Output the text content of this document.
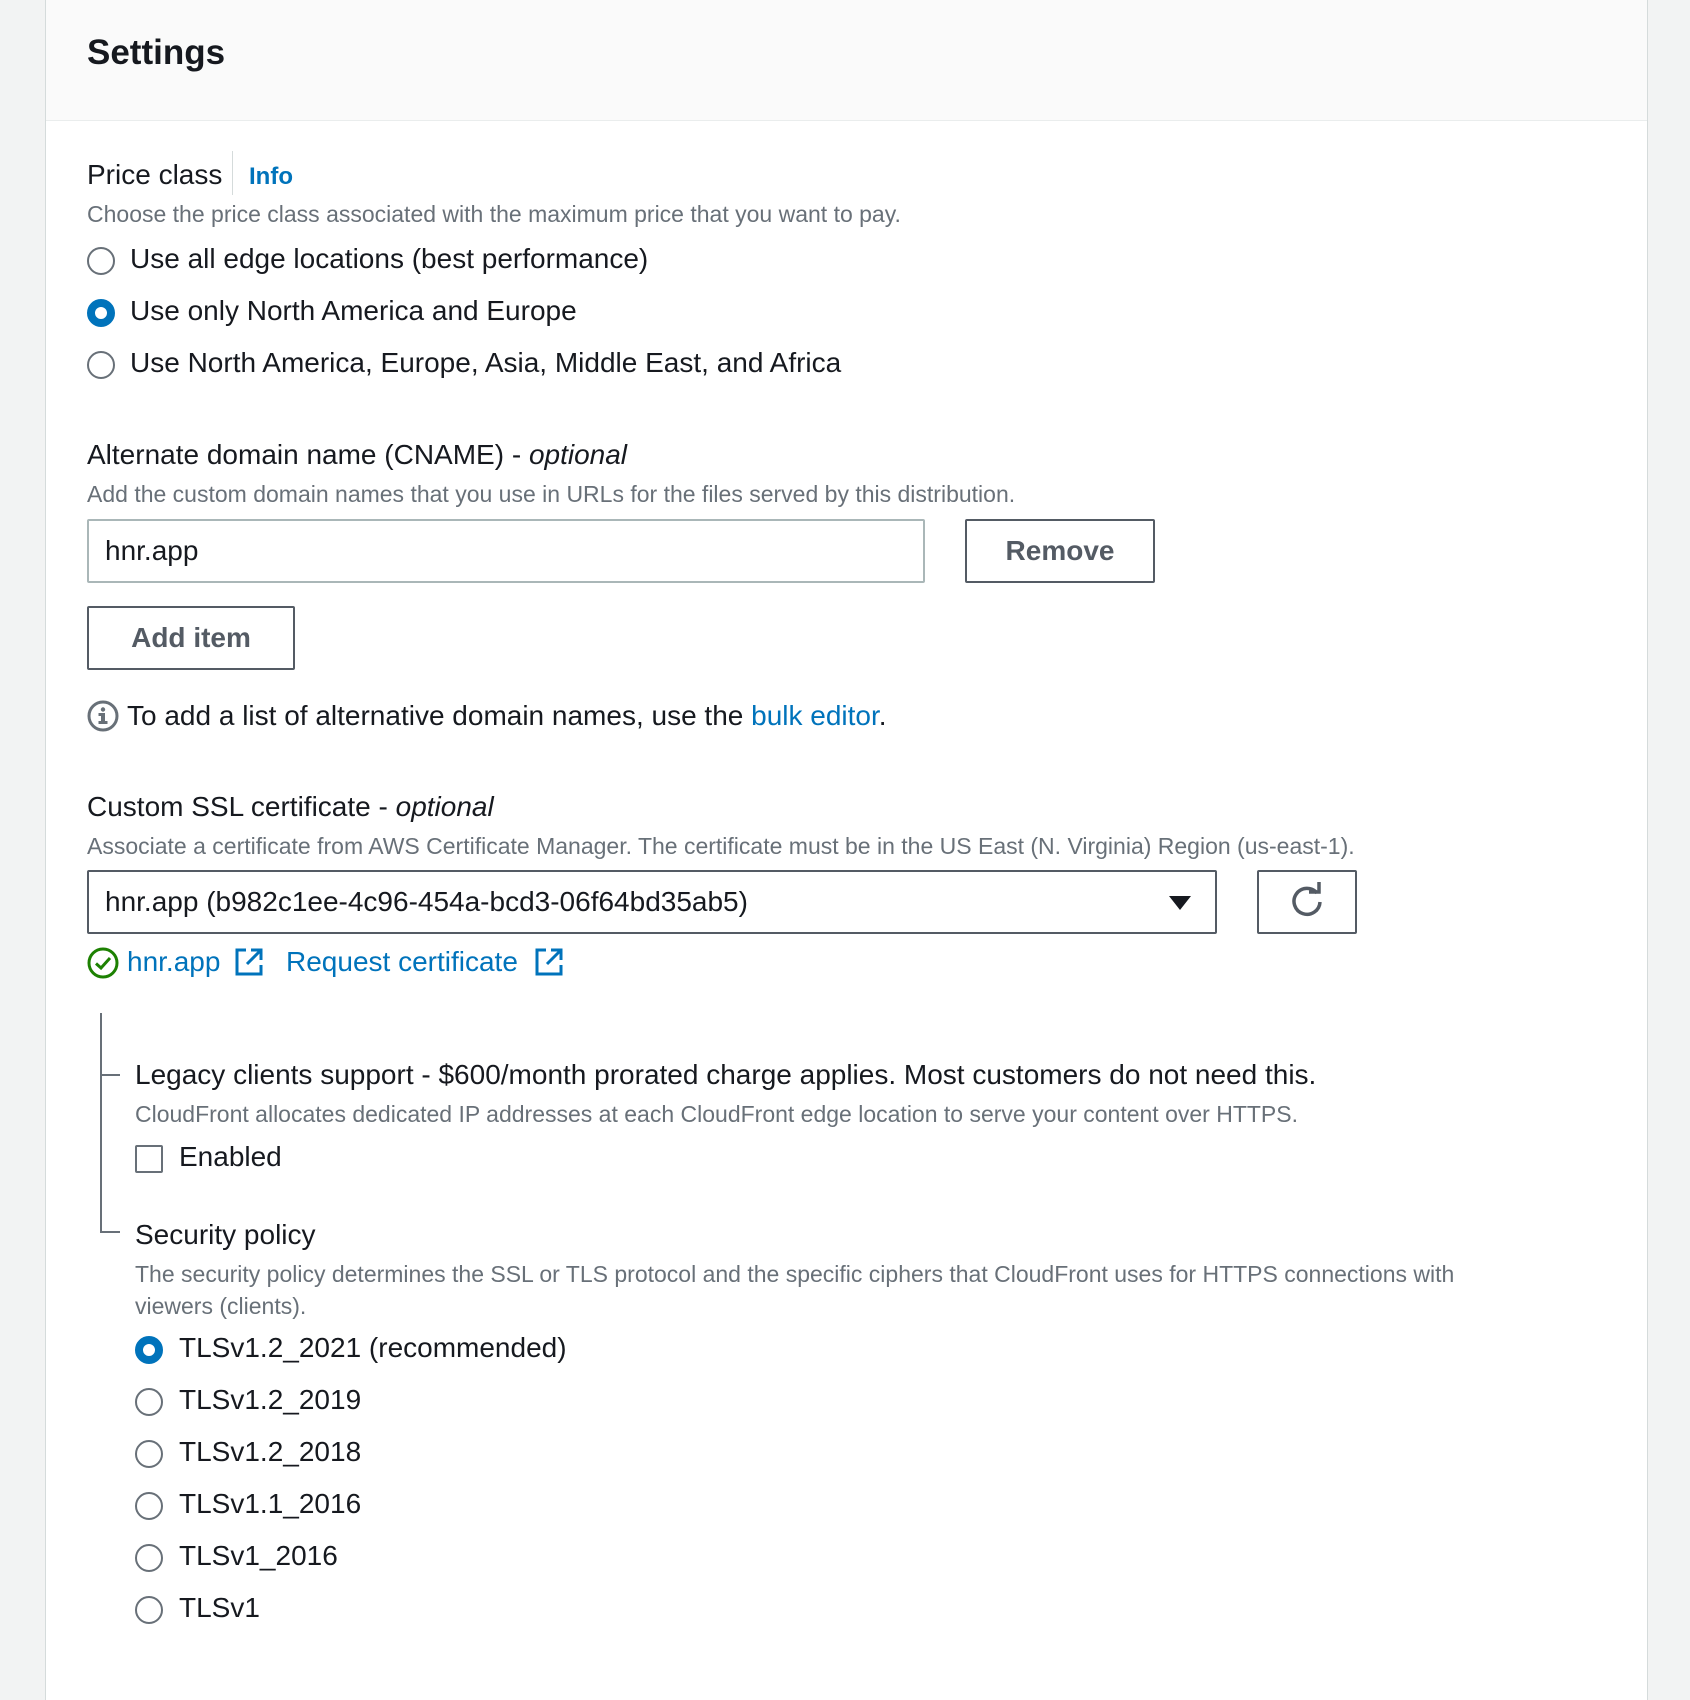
Settings
Price class Info
Choose the price class associated with the maximum price that you want to pay.
Use all edge locations (best performance)
Use only North America and Europe
Use North America, Europe, Asia, Middle East, and Africa
Alternate domain name (CNAME) - optional
Add the custom domain names that you use in URLs for the files served by this distribution.
hnr.app	Remove
Add item
To add a list of alternative domain names, use the bulk editor.
Custom SSL certificate - optional
Associate a certificate from AWS Certificate Manager. The certificate must be in the US East (N. Virginia) Region (us-east-1).
hnr.app (b982c1ee-4c96-454a-bcd3-06f64bd35ab5)
hnr.app Request certificate
Legacy clients support - $600/month prorated charge applies. Most customers do not need this.
CloudFront allocates dedicated IP addresses at each CloudFront edge location to serve your content over HTTPS.
Enabled
Security policy
The security policy determines the SSL or TLS protocol and the specific ciphers that CloudFront uses for HTTPS connections with
viewers (clients).
TLSv1.2_2021 (recommended)
TLSv1.2_2019
TLSv1.2_2018
TLSv1.1_2016
TLSv1_2016
TLSv1
